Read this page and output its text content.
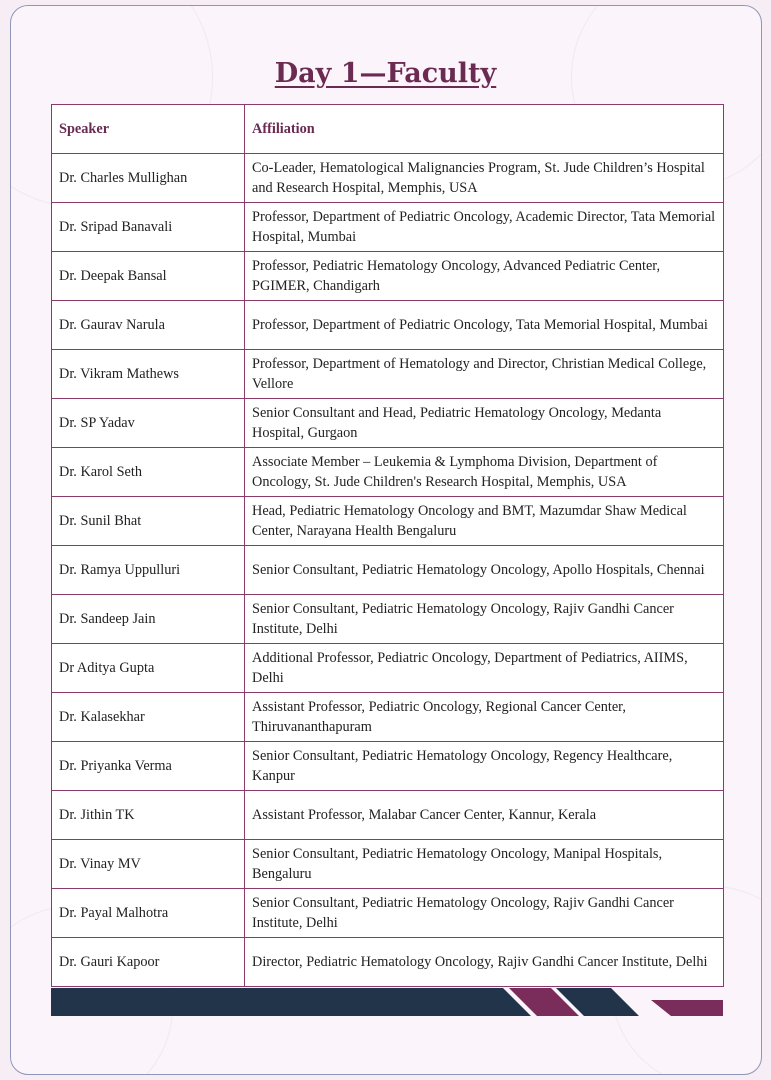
Day 1—Faculty
Speaker	Affiliation
Dr. Charles Mullighan	Co-Leader, Hematological Malignancies Program, St. Jude Children’s Hospital and Research Hospital, Memphis, USA
Dr. Sripad Banavali	Professor, Department of Pediatric Oncology, Academic Director, Tata Memorial Hospital, Mumbai
Dr. Deepak Bansal	Professor, Pediatric Hematology Oncology, Advanced Pediatric Center, PGIMER, Chandigarh
Dr. Gaurav Narula	Professor, Department of Pediatric Oncology, Tata Memorial Hospital, Mumbai
Dr. Vikram Mathews	Professor, Department of Hematology and Director, Christian Medical College, Vellore
Dr. SP Yadav	Senior Consultant and Head, Pediatric Hematology Oncology, Medanta Hospital, Gurgaon
Dr. Karol Seth	Associate Member – Leukemia & Lymphoma Division, Department of Oncology, St. Jude Children's Research Hospital, Memphis, USA
Dr. Sunil Bhat	Head, Pediatric Hematology Oncology and BMT, Mazumdar Shaw Medical Center, Narayana Health Bengaluru
Dr. Ramya Uppulluri	Senior Consultant, Pediatric Hematology Oncology, Apollo Hospitals, Chennai
Dr. Sandeep Jain	Senior Consultant, Pediatric Hematology Oncology, Rajiv Gandhi Cancer Institute, Delhi
Dr Aditya Gupta	Additional Professor, Pediatric Oncology, Department of Pediatrics, AIIMS, Delhi
Dr. Kalasekhar	Assistant Professor, Pediatric Oncology, Regional Cancer Center, Thiruvananthapuram
Dr. Priyanka Verma	Senior Consultant, Pediatric Hematology Oncology, Regency Healthcare, Kanpur
Dr. Jithin TK	Assistant Professor, Malabar Cancer Center, Kannur, Kerala
Dr. Vinay MV	Senior Consultant, Pediatric Hematology Oncology, Manipal Hospitals, Bengaluru
Dr. Payal Malhotra	Senior Consultant, Pediatric Hematology Oncology, Rajiv Gandhi Cancer Institute, Delhi
Dr. Gauri Kapoor	Director, Pediatric Hematology Oncology, Rajiv Gandhi Cancer Institute, Delhi
